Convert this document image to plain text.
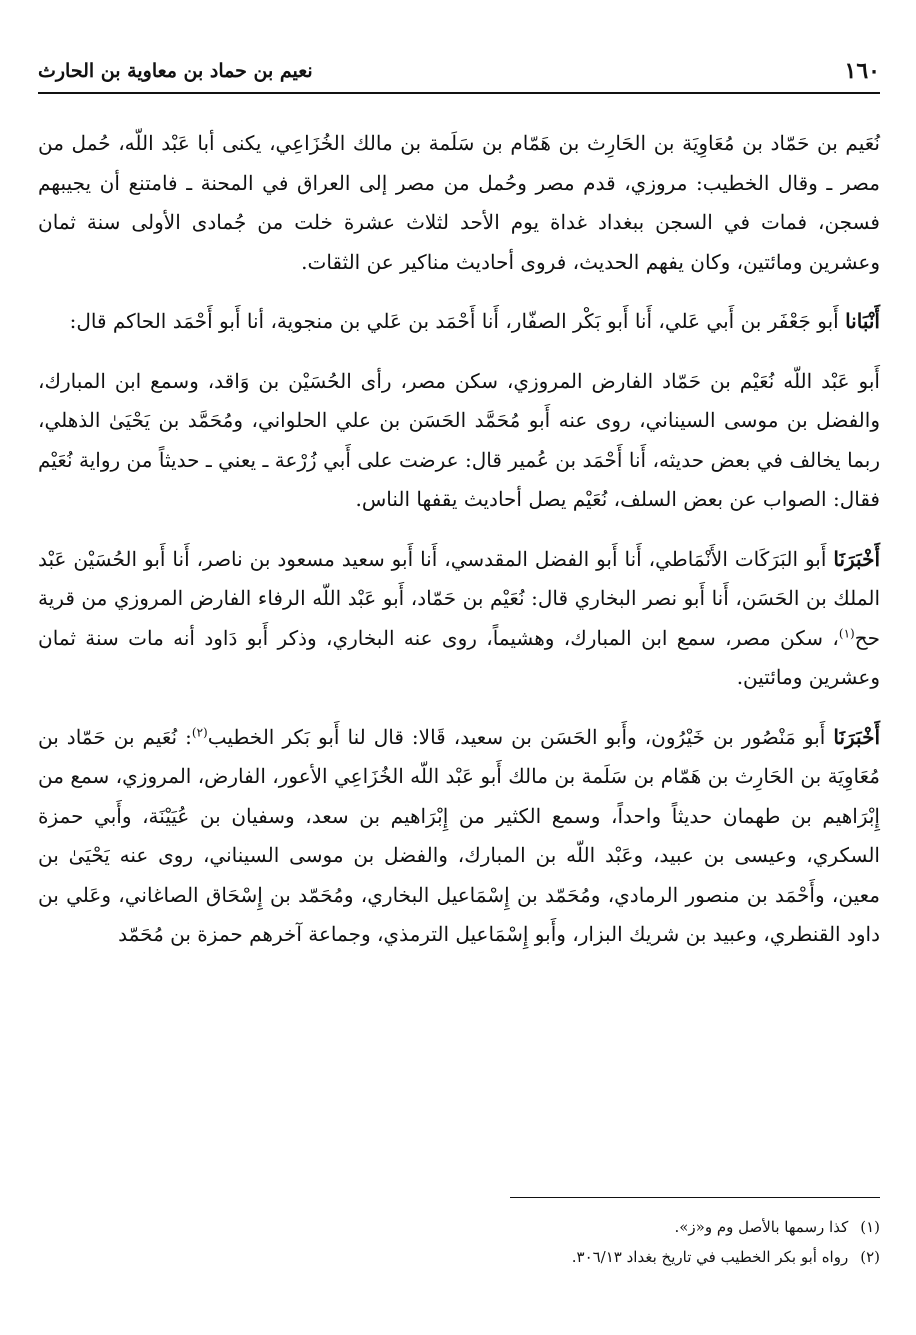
١٦٠
نعيم بن حماد بن معاوية بن الحارث

نُعَيم بن حَمّاد بن مُعَاوِيَة بن الحَارِث بن هَمّام بن سَلَمة بن مالك الخُزَاعِي، يكنى أبا عَبْد اللّه، حُمل من مصر ـ وقال الخطيب: مروزي، قدم مصر وحُمل من مصر إلى العراق في المحنة ـ فامتنع أن يجيبهم فسجن، فمات في السجن ببغداد غداة يوم الأحد لثلاث عشرة خلت من جُمادى الأولى سنة ثمان وعشرين ومائتين، وكان يفهم الحديث، فروى أحاديث مناكير عن الثقات.

أَنْبَانا أَبو جَعْفَر بن أَبي عَلي، أَنا أَبو بَكْر الصفّار، أَنا أَحْمَد بن عَلي بن منجوية، أنا أَبو أَحْمَد الحاكم قال:

أَبو عَبْد اللّه نُعَيْم بن حَمّاد الفارض المروزي، سكن مصر، رأى الحُسَيْن بن وَاقد، وسمع ابن المبارك، والفضل بن موسى السيناني، روى عنه أَبو مُحَمَّد الحَسَن بن علي الحلواني، ومُحَمَّد بن يَحْيَىٰ الذهلي، ربما يخالف في بعض حديثه، أَنا أَحْمَد بن عُمير قال: عرضت على أَبي زُرْعة ـ يعني ـ حديثاً من رواية نُعَيْم فقال: الصواب عن بعض السلف، نُعَيْم يصل أحاديث يقفها الناس.

أَخْبَرَنَا أَبو البَرَكَات الأَنْمَاطي، أَنا أَبو الفضل المقدسي، أَنا أَبو سعيد مسعود بن ناصر، أَنا أَبو الحُسَيْن عَبْد الملك بن الحَسَن، أَنا أَبو نصر البخاري قال: نُعَيْم بن حَمّاد، أَبو عَبْد اللّه الرفاء الفارض المروزي من قرية حح$^{(١)}$، سكن مصر، سمع ابن المبارك، وهشيماً، روى عنه البخاري، وذكر أَبو دَاود أنه مات سنة ثمان وعشرين ومائتين.

أَخْبَرَنَا أَبو مَنْصُور بن خَيْرُون، وأَبو الحَسَن بن سعيد، قَالا: قال لنا أَبو بَكر الخطيب$^{(٢)}$: نُعَيم بن حَمّاد بن مُعَاوِيَة بن الحَارِث بن هَمّام بن سَلَمة بن مالك أَبو عَبْد اللّه الخُزَاعِي الأعور، الفارض، المروزي، سمع من إِبْرَاهيم بن طهمان حديثاً واحداً، وسمع الكثير من إِبْرَاهيم بن سعد، وسفيان بن عُيَيْنَة، وأَبي حمزة السكري، وعيسى بن عبيد، وعَبْد اللّه بن المبارك، والفضل بن موسى السيناني، روى عنه يَحْيَىٰ بن معين، وأَحْمَد بن منصور الرمادي، ومُحَمّد بن إِسْمَاعيل البخاري، ومُحَمّد بن إِسْحَاق الصاغاني، وعَلي بن داود القنطري، وعبيد بن شريك البزار، وأَبو إِسْمَاعيل الترمذي، وجماعة آخرهم حمزة بن مُحَمّد

(١)كذا رسمها بالأصل وم و«ز».
(٢)رواه أبو بكر الخطيب في تاريخ بغداد ٣٠٦/١٣.
